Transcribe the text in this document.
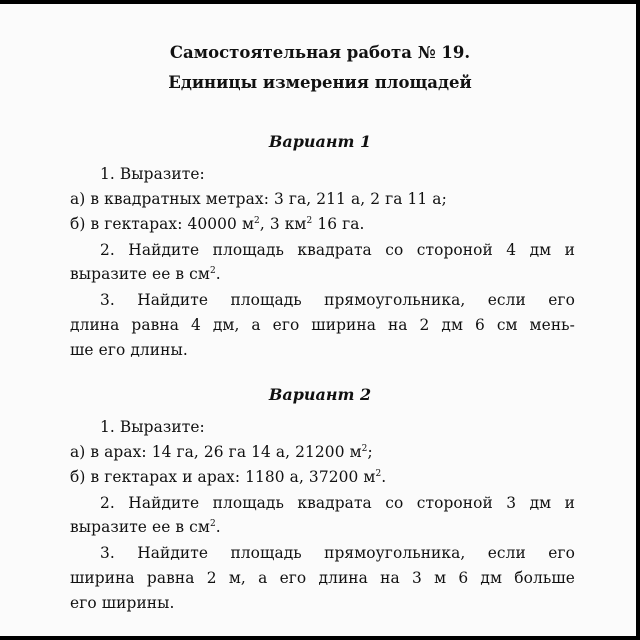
Самостоятельная работа № 19.
Единицы измерения площадей
Вариант 1
1. Выразите:
а) в квадратных метрах: 3 га, 211 а, 2 га 11 а;
б) в гектарах: 40000 $м^2$, 3 $км^2$ 16 га.
2. Найдите площадь квадрата со стороной 4 дм и
выразите ее в $см^2$.
3. Найдите площадь прямоугольника, если его
длина равна 4 дм, а его ширина на 2 дм 6 см мень-
ше его длины.
Вариант 2
1. Выразите:
а) в арах: 14 га, 26 га 14 а, 21200 $м^2$;
б) в гектарах и арах: 1180 а, 37200 $м^2$.
2. Найдите площадь квадрата со стороной 3 дм и
выразите ее в $см^2$.
3. Найдите площадь прямоугольника, если его
ширина равна 2 м, а его длина на 3 м 6 дм больше
его ширины.
